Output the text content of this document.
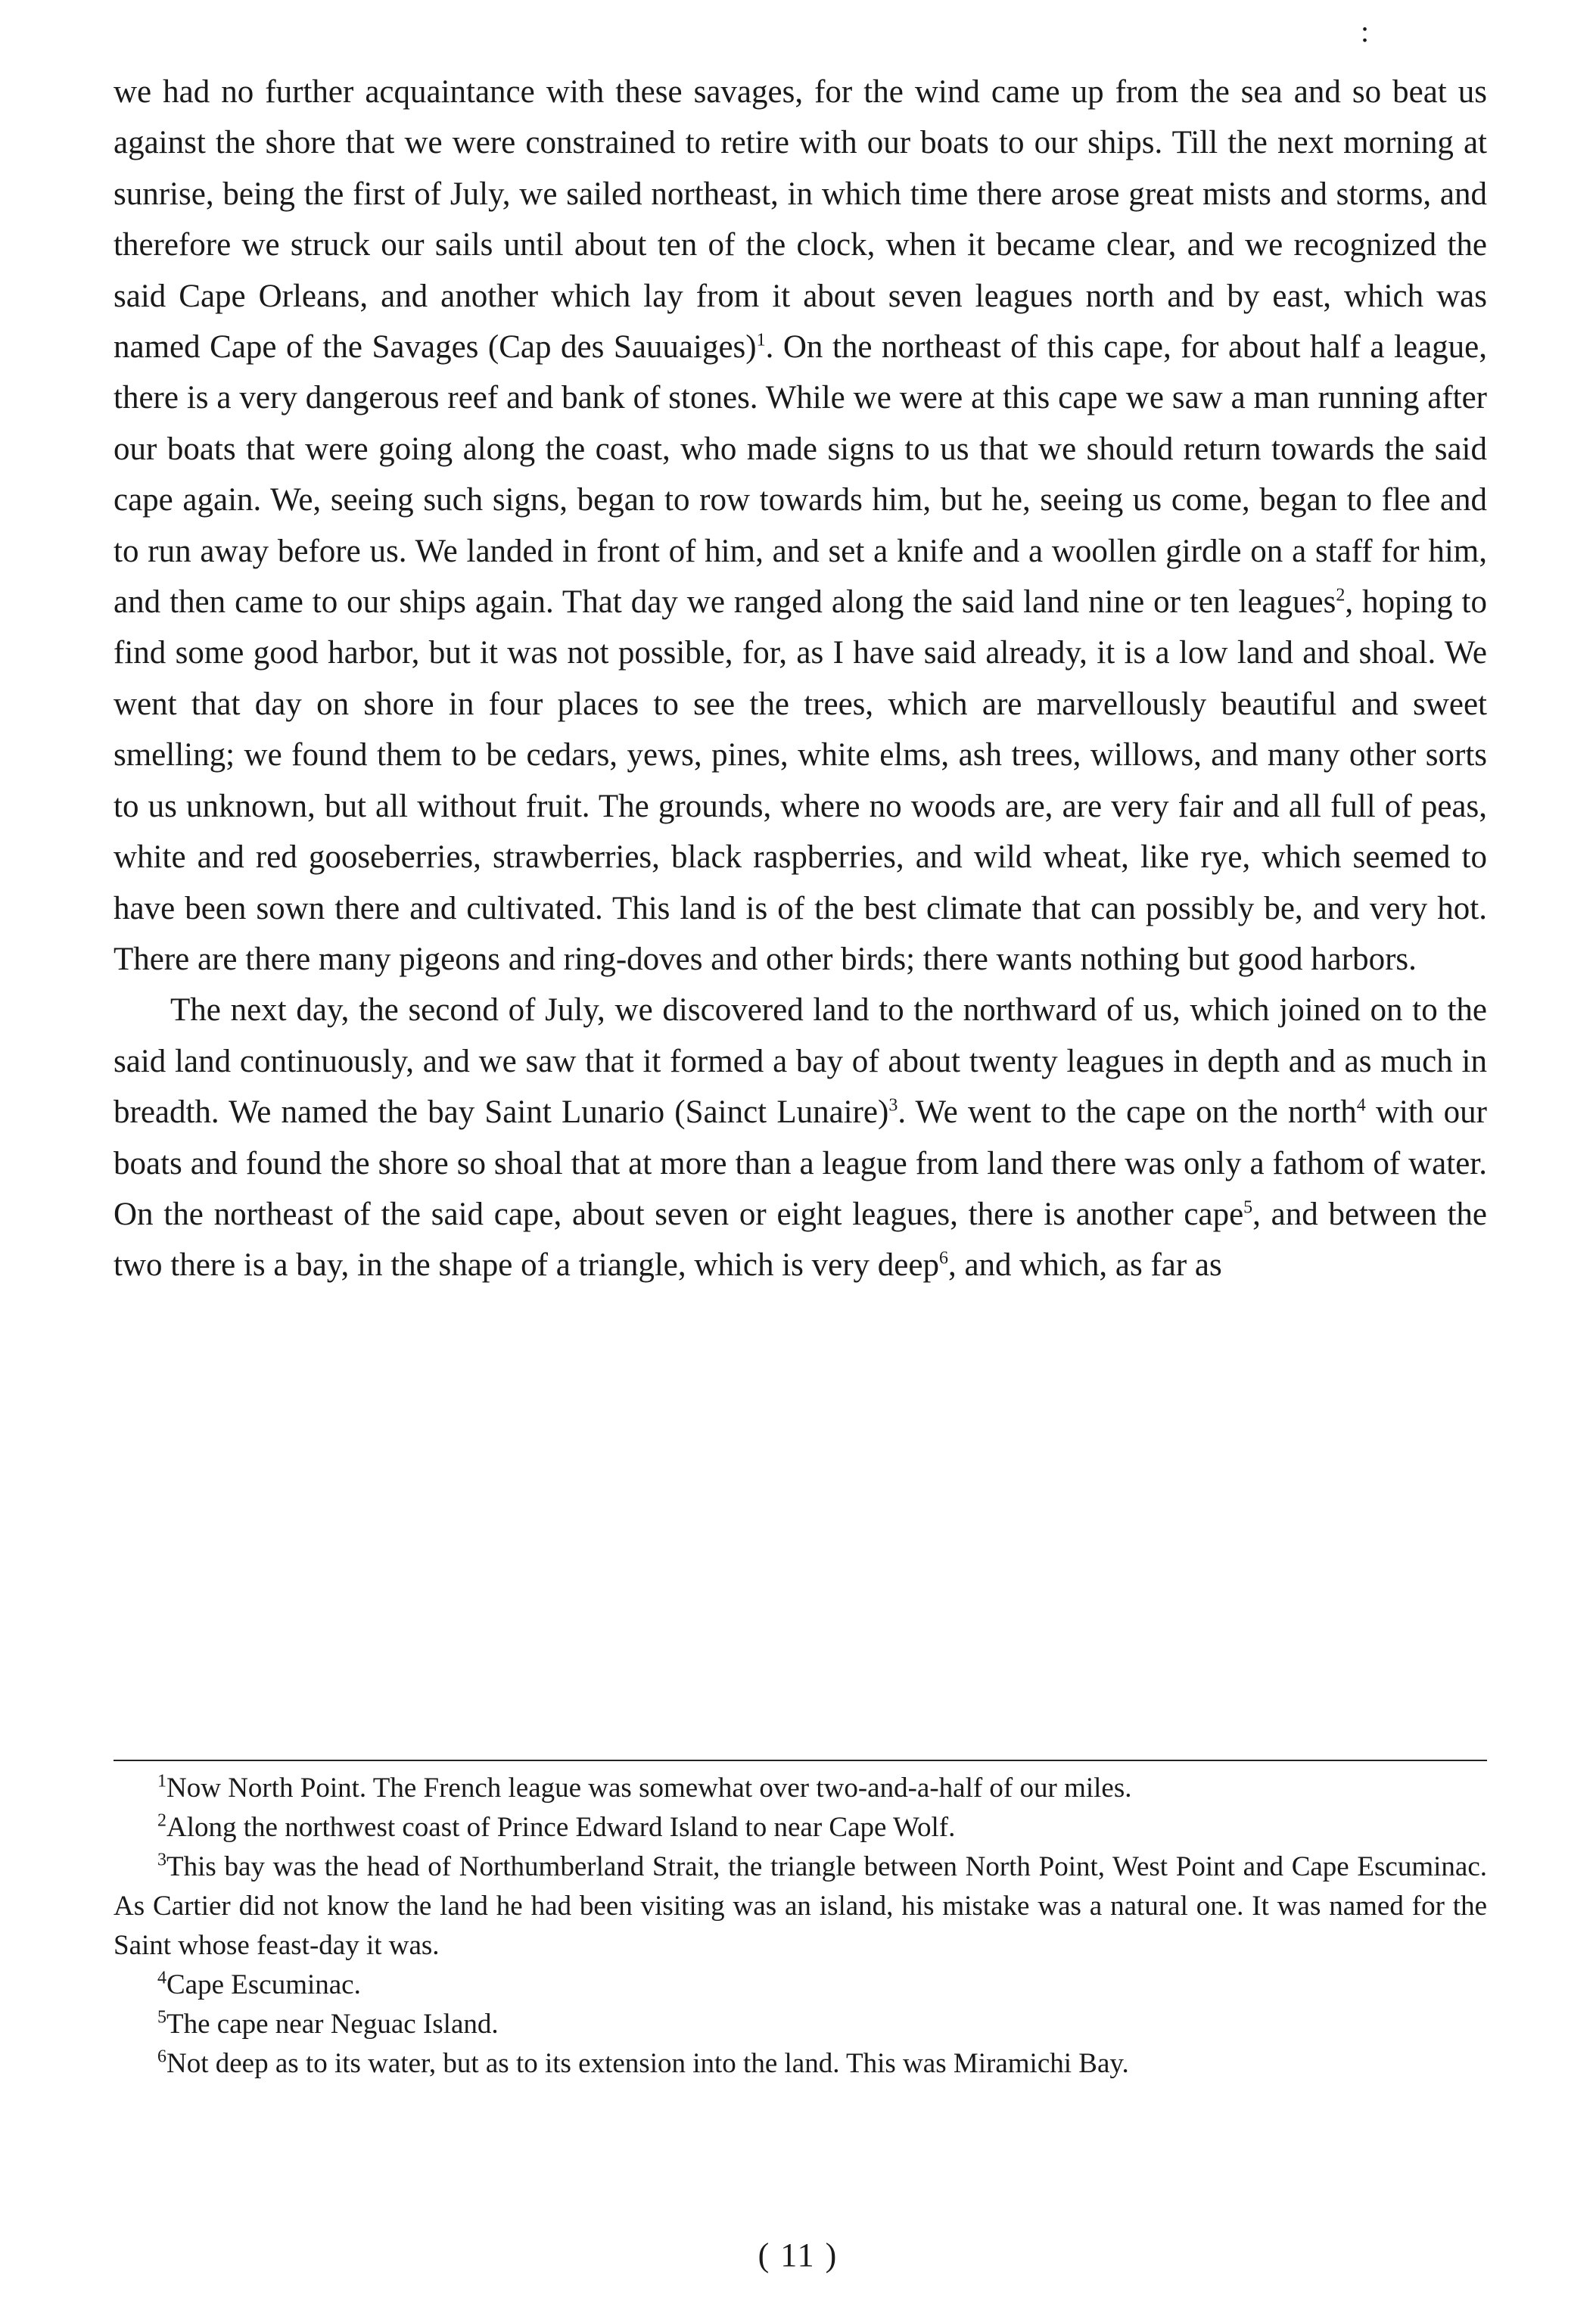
:

we had no further acquaintance with these savages, for the wind came up from the sea and so beat us against the shore that we were constrained to retire with our boats to our ships. Till the next morning at sunrise, being the first of July, we sailed northeast, in which time there arose great mists and storms, and therefore we struck our sails until about ten of the clock, when it became clear, and we recognized the said Cape Orleans, and another which lay from it about seven leagues north and by east, which was named Cape of the Savages (Cap des Sauuaiges)$^1$. On the northeast of this cape, for about half a league, there is a very dangerous reef and bank of stones. While we were at this cape we saw a man running after our boats that were going along the coast, who made signs to us that we should return towards the said cape again. We, seeing such signs, began to row towards him, but he, seeing us come, began to flee and to run away before us. We landed in front of him, and set a knife and a woollen girdle on a staff for him, and then came to our ships again. That day we ranged along the said land nine or ten leagues$^2$, hoping to find some good harbor, but it was not possible, for, as I have said already, it is a low land and shoal. We went that day on shore in four places to see the trees, which are marvellously beautiful and sweet smelling; we found them to be cedars, yews, pines, white elms, ash trees, willows, and many other sorts to us unknown, but all without fruit. The grounds, where no woods are, are very fair and all full of peas, white and red gooseberries, strawberries, black raspberries, and wild wheat, like rye, which seemed to have been sown there and cultivated. This land is of the best climate that can possibly be, and very hot. There are there many pigeons and ring-doves and other birds; there wants nothing but good harbors.

The next day, the second of July, we discovered land to the northward of us, which joined on to the said land continuously, and we saw that it formed a bay of about twenty leagues in depth and as much in breadth. We named the bay Saint Lunario (Sainct Lunaire)$^3$. We went to the cape on the north$^4$ with our boats and found the shore so shoal that at more than a league from land there was only a fathom of water. On the northeast of the said cape, about seven or eight leagues, there is another cape$^5$, and between the two there is a bay, in the shape of a triangle, which is very deep$^6$, and which, as far as

$^1$Now North Point. The French league was somewhat over two-and-a-half of our miles.

$^2$Along the northwest coast of Prince Edward Island to near Cape Wolf.

$^3$This bay was the head of Northumberland Strait, the triangle between North Point, West Point and Cape Escuminac. As Cartier did not know the land he had been visiting was an island, his mistake was a natural one. It was named for the Saint whose feast-day it was.

$^4$Cape Escuminac.

$^5$The cape near Neguac Island.

$^6$Not deep as to its water, but as to its extension into the land. This was Miramichi Bay.

( 11 )
